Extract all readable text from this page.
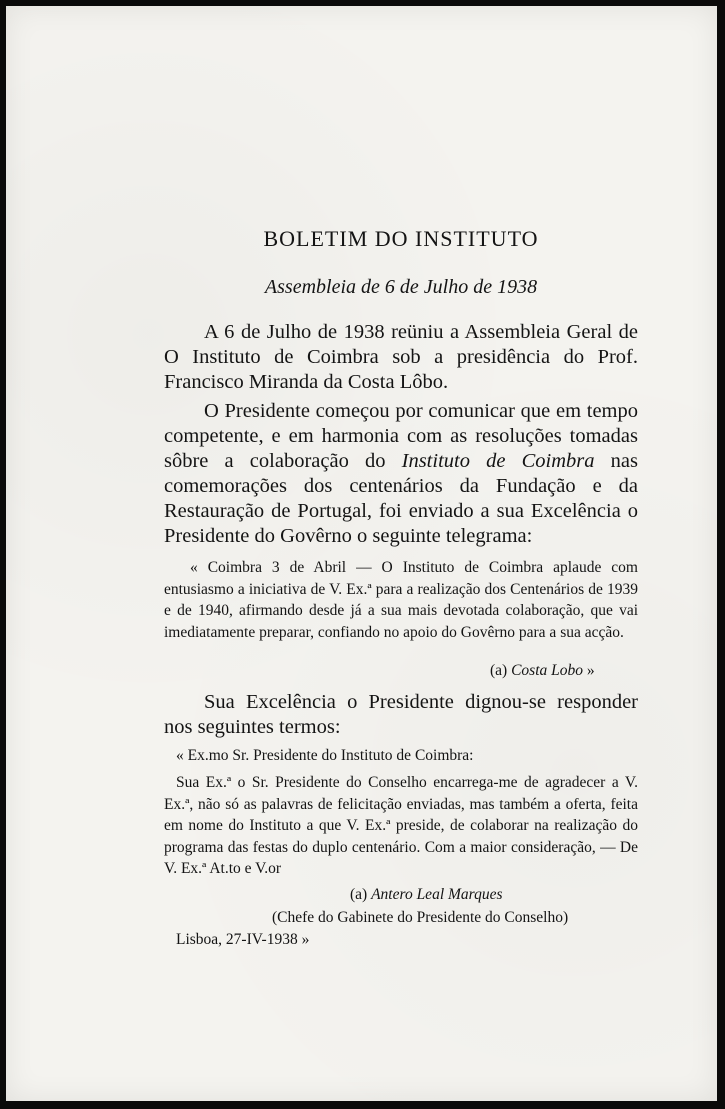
BOLETIM DO INSTITUTO
Assembleia de 6 de Julho de 1938

A 6 de Julho de 1938 reüniu a Assembleia Geral de O Instituto de Coimbra sob a presidência do Prof. Francisco Miranda da Costa Lôbo.

O Presidente começou por comunicar que em tempo competente, e em harmonia com as resoluções tomadas sôbre a colaboração do Instituto de Coimbra nas comemorações dos centenários da Fundação e da Restauração de Portugal, foi enviado a sua Excelência o Presidente do Govêrno o seguinte telegrama:

« Coimbra 3 de Abril — O Instituto de Coimbra aplaude com entusiasmo a iniciativa de V. Ex.ª para a realização dos Centenários de 1939 e de 1940, afirmando desde já a sua mais devotada colaboração, que vai imediatamente preparar, confiando no apoio do Govêrno para a sua acção.

(a) Costa Lobo »

Sua Excelência o Presidente dignou-se responder nos seguintes termos:

« Ex.mo Sr. Presidente do Instituto de Coimbra:

Sua Ex.ª o Sr. Presidente do Conselho encarrega-me de agradecer a V. Ex.ª, não só as palavras de felicitação enviadas, mas também a oferta, feita em nome do Instituto a que V. Ex.ª preside, de colaborar na realização do programa das festas do duplo centenário. Com a maior consideração, — De V. Ex.ª At.to e V.or

(a) Antero Leal Marques
(Chefe do Gabinete do Presidente do Conselho)
Lisboa, 27-IV-1938 »
